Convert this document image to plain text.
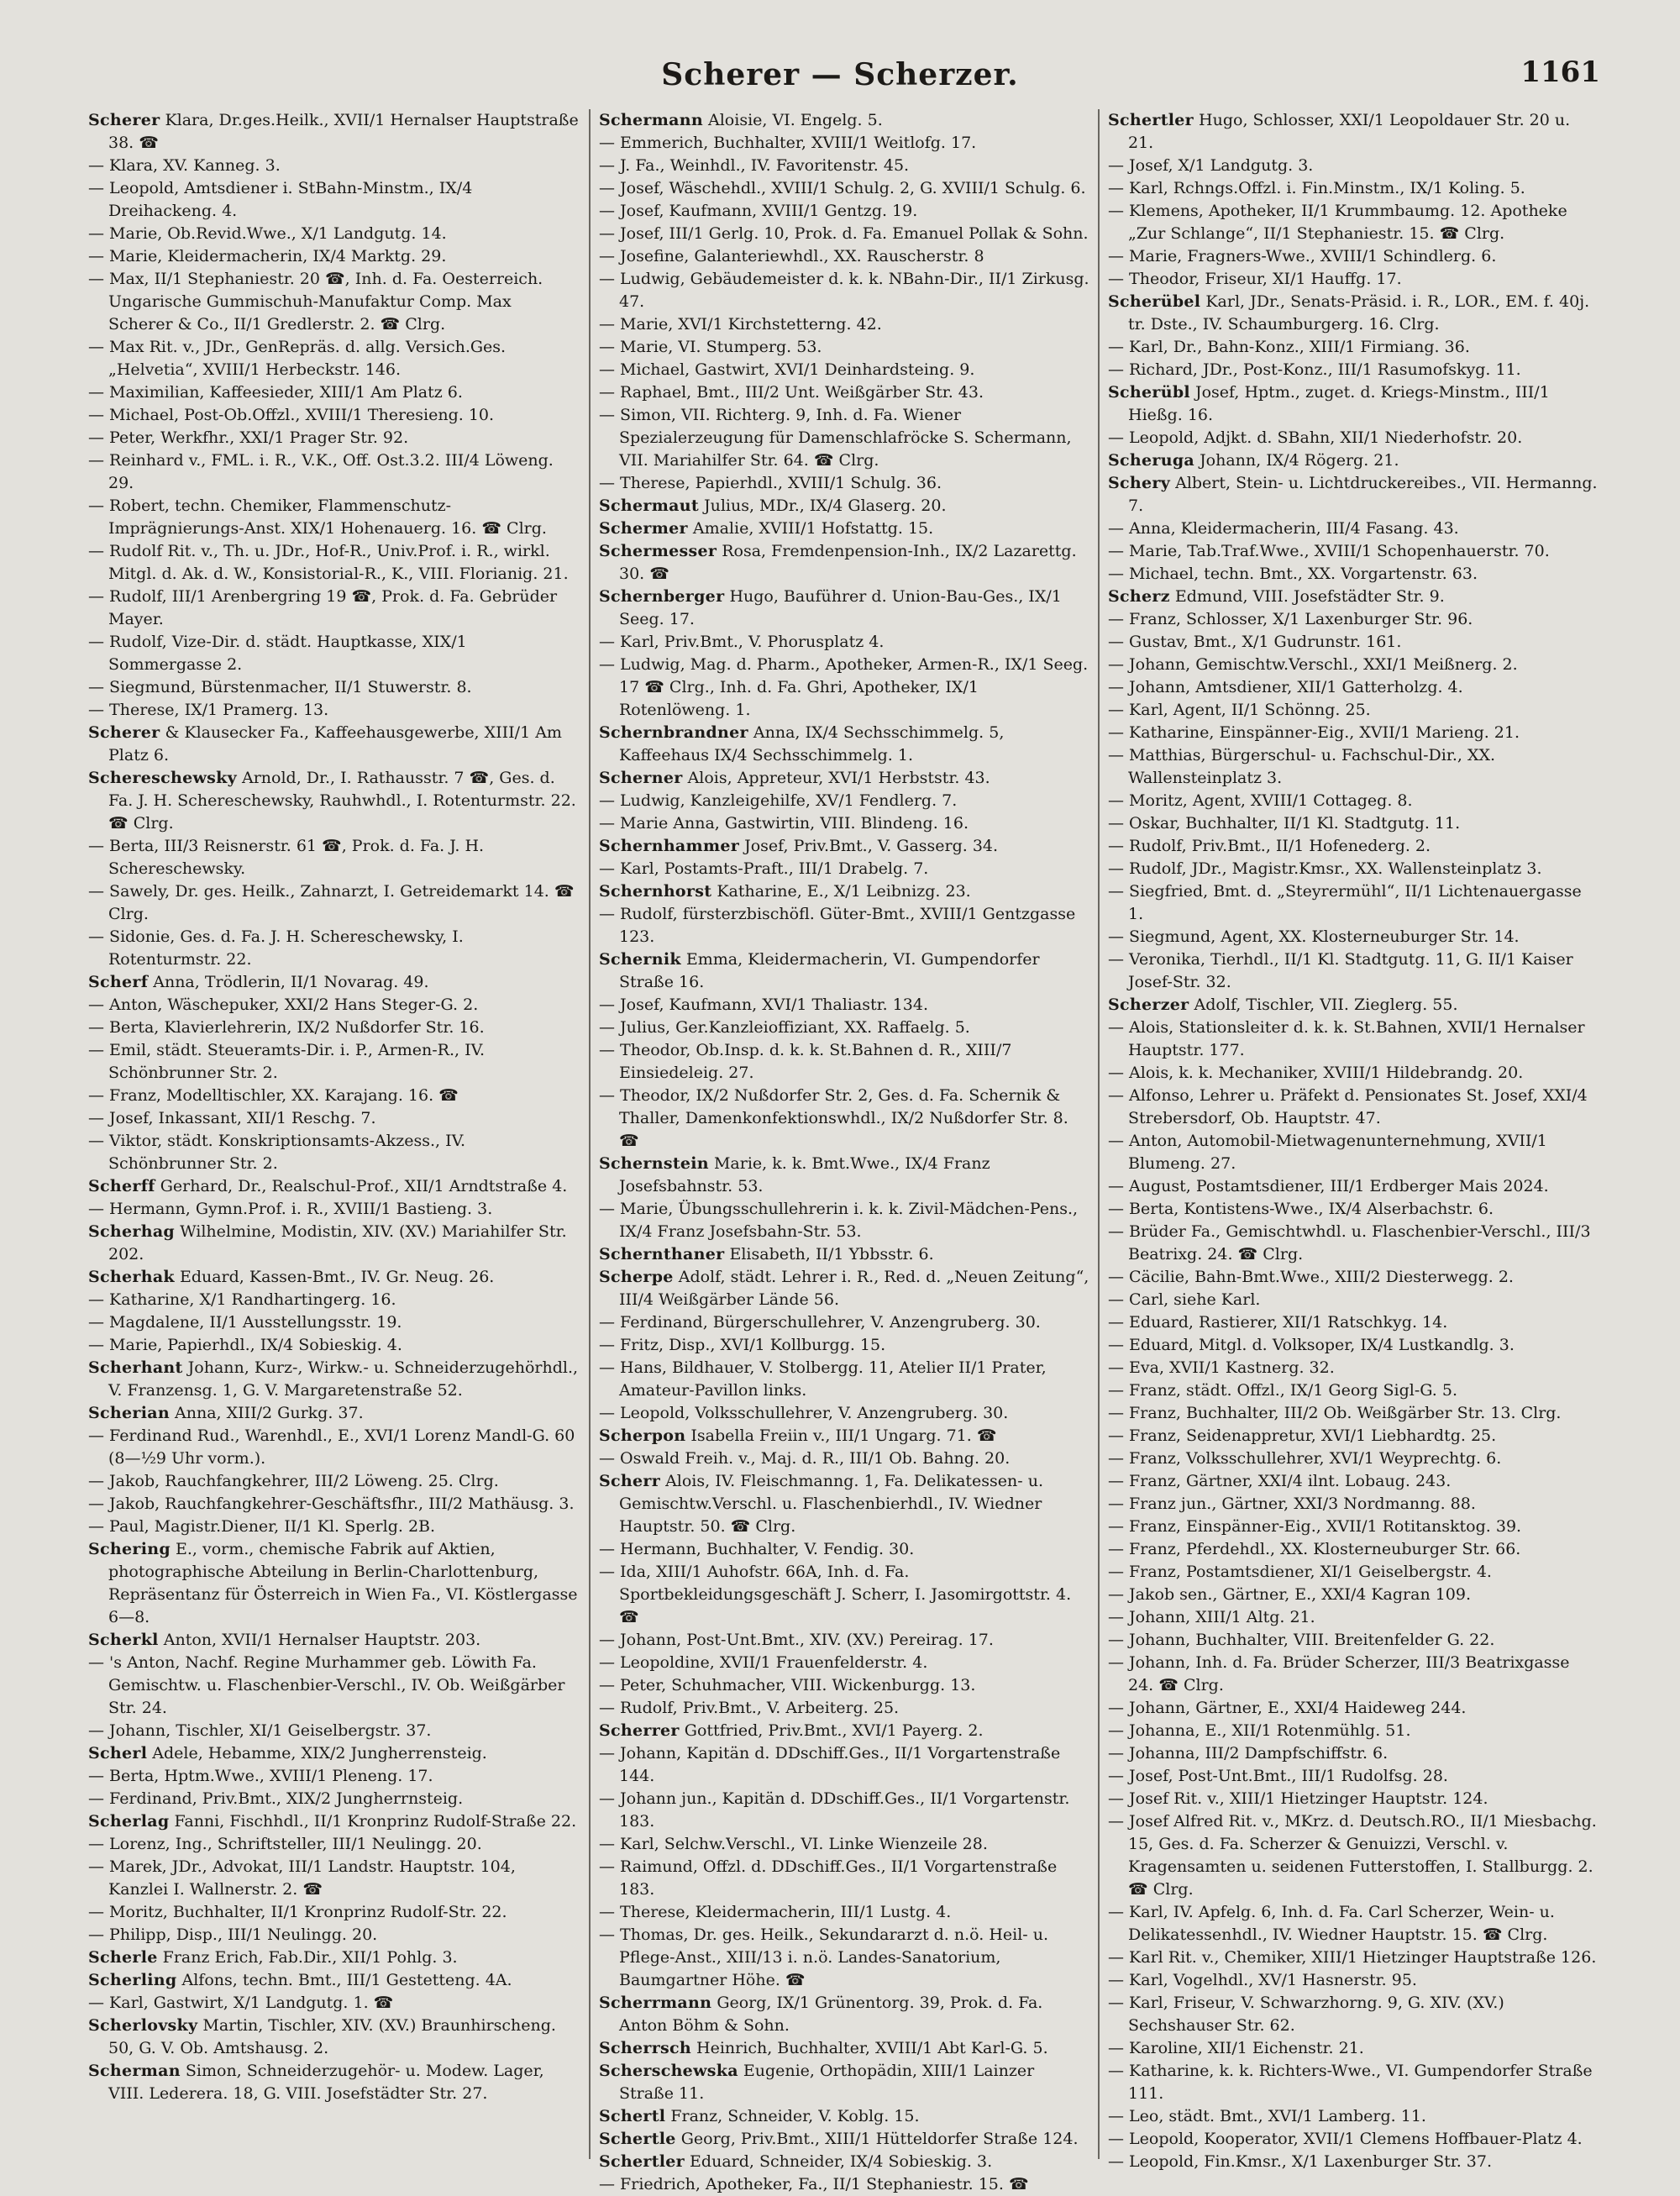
Scherer — Scherzer.	1161

Scherer Klara, Dr.ges.Heilk., XVII/1 Hernalser Hauptstraße 38. ☎

— Klara, XV. Kanneg. 3.

— Leopold, Amtsdiener i. StBahn-Minstm., IX/4 Dreihackeng. 4.

— Marie, Ob.Revid.Wwe., X/1 Landgutg. 14.

— Marie, Kleidermacherin, IX/4 Marktg. 29.

— Max, II/1 Stephaniestr. 20 ☎, Inh. d. Fa. Oesterreich. Ungarische Gummischuh-Manufaktur Comp. Max Scherer & Co., II/1 Gredlerstr. 2. ☎ Clrg.

— Max Rit. v., JDr., GenRepräs. d. allg. Versich.Ges. „Helvetia“, XVIII/1 Herbeckstr. 146.

— Maximilian, Kaffeesieder, XIII/1 Am Platz 6.

— Michael, Post-Ob.Offzl., XVIII/1 Theresieng. 10.

— Peter, Werkfhr., XXI/1 Prager Str. 92.

— Reinhard v., FML. i. R., V.K., Off. Ost.3.2. III/4 Löweng. 29.

— Robert, techn. Chemiker, Flammenschutz-Imprägnierungs-Anst. XIX/1 Hohenauerg. 16. ☎ Clrg.

— Rudolf Rit. v., Th. u. JDr., Hof-R., Univ.Prof. i. R., wirkl. Mitgl. d. Ak. d. W., Konsistorial-R., K., VIII. Florianig. 21.

— Rudolf, III/1 Arenbergring 19 ☎, Prok. d. Fa. Gebrüder Mayer.

— Rudolf, Vize-Dir. d. städt. Hauptkasse, XIX/1 Sommergasse 2.

— Siegmund, Bürstenmacher, II/1 Stuwerstr. 8.

— Therese, IX/1 Pramerg. 13.

Scherer & Klausecker Fa., Kaffeehausgewerbe, XIII/1 Am Platz 6.

Schereschewsky Arnold, Dr., I. Rathausstr. 7 ☎, Ges. d. Fa. J. H. Schereschewsky, Rauhwhdl., I. Rotenturmstr. 22. ☎ Clrg.

— Berta, III/3 Reisnerstr. 61 ☎, Prok. d. Fa. J. H. Schereschewsky.

— Sawely, Dr. ges. Heilk., Zahnarzt, I. Getreidemarkt 14. ☎ Clrg.

— Sidonie, Ges. d. Fa. J. H. Schereschewsky, I. Rotenturmstr. 22.

Scherf Anna, Trödlerin, II/1 Novarag. 49.

— Anton, Wäschepuker, XXI/2 Hans Steger-G. 2.

— Berta, Klavierlehrerin, IX/2 Nußdorfer Str. 16.

— Emil, städt. Steueramts-Dir. i. P., Armen-R., IV. Schönbrunner Str. 2.

— Franz, Modelltischler, XX. Karajang. 16. ☎

— Josef, Inkassant, XII/1 Reschg. 7.

— Viktor, städt. Konskriptionsamts-Akzess., IV. Schönbrunner Str. 2.

Scherff Gerhard, Dr., Realschul-Prof., XII/1 Arndtstraße 4.

— Hermann, Gymn.Prof. i. R., XVIII/1 Bastieng. 3.

Scherhag Wilhelmine, Modistin, XIV. (XV.) Mariahilfer Str. 202.

Scherhak Eduard, Kassen-Bmt., IV. Gr. Neug. 26.

— Katharine, X/1 Randhartingerg. 16.

— Magdalene, II/1 Ausstellungsstr. 19.

— Marie, Papierhdl., IX/4 Sobieskig. 4.

Scherhant Johann, Kurz-, Wirkw.- u. Schneiderzugehörhdl., V. Franzensg. 1, G. V. Margaretenstraße 52.

Scherian Anna, XIII/2 Gurkg. 37.

— Ferdinand Rud., Warenhdl., E., XVI/1 Lorenz Mandl-G. 60 (8—½9 Uhr vorm.).

— Jakob, Rauchfangkehrer, III/2 Löweng. 25. Clrg.

— Jakob, Rauchfangkehrer-Geschäftsfhr., III/2 Mathäusg. 3.

— Paul, Magistr.Diener, II/1 Kl. Sperlg. 2B.

Schering E., vorm., chemische Fabrik auf Aktien, photographische Abteilung in Berlin-Charlottenburg, Repräsentanz für Österreich in Wien Fa., VI. Köstlergasse 6—8.

Scherkl Anton, XVII/1 Hernalser Hauptstr. 203.

— 's Anton, Nachf. Regine Murhammer geb. Löwith Fa. Gemischtw. u. Flaschenbier-Verschl., IV. Ob. Weißgärber Str. 24.

— Johann, Tischler, XI/1 Geiselbergstr. 37.

Scherl Adele, Hebamme, XIX/2 Jungherrensteig.

— Berta, Hptm.Wwe., XVIII/1 Pleneng. 17.

— Ferdinand, Priv.Bmt., XIX/2 Jungherrnsteig.

Scherlag Fanni, Fischhdl., II/1 Kronprinz Rudolf-Straße 22.

— Lorenz, Ing., Schriftsteller, III/1 Neulingg. 20.

— Marek, JDr., Advokat, III/1 Landstr. Hauptstr. 104, Kanzlei I. Wallnerstr. 2. ☎

— Moritz, Buchhalter, II/1 Kronprinz Rudolf-Str. 22.

— Philipp, Disp., III/1 Neulingg. 20.

Scherle Franz Erich, Fab.Dir., XII/1 Pohlg. 3.

Scherling Alfons, techn. Bmt., III/1 Gestetteng. 4A.

— Karl, Gastwirt, X/1 Landgutg. 1. ☎

Scherlovsky Martin, Tischler, XIV. (XV.) Braunhirscheng. 50, G. V. Ob. Amtshausg. 2.

Scherman Simon, Schneiderzugehör- u. Modew. Lager, VIII. Lederera. 18, G. VIII. Josefstädter Str. 27.

Schermann Aloisie, VI. Engelg. 5.

— Emmerich, Buchhalter, XVIII/1 Weitlofg. 17.

— J. Fa., Weinhdl., IV. Favoritenstr. 45.

— Josef, Wäschehdl., XVIII/1 Schulg. 2, G. XVIII/1 Schulg. 6.

— Josef, Kaufmann, XVIII/1 Gentzg. 19.

— Josef, III/1 Gerlg. 10, Prok. d. Fa. Emanuel Pollak & Sohn.

— Josefine, Galanteriewhdl., XX. Rauscherstr. 8

— Ludwig, Gebäudemeister d. k. k. NBahn-Dir., II/1 Zirkusg. 47.

— Marie, XVI/1 Kirchstetterng. 42.

— Marie, VI. Stumperg. 53.

— Michael, Gastwirt, XVI/1 Deinhardsteing. 9.

— Raphael, Bmt., III/2 Unt. Weißgärber Str. 43.

— Simon, VII. Richterg. 9, Inh. d. Fa. Wiener Spezialerzeugung für Damenschlafröcke S. Schermann, VII. Mariahilfer Str. 64. ☎ Clrg.

— Therese, Papierhdl., XVIII/1 Schulg. 36.

Schermaut Julius, MDr., IX/4 Glaserg. 20.

Schermer Amalie, XVIII/1 Hofstattg. 15.

Schermesser Rosa, Fremdenpension-Inh., IX/2 Lazarettg. 30. ☎

Schernberger Hugo, Bauführer d. Union-Bau-Ges., IX/1 Seeg. 17.

— Karl, Priv.Bmt., V. Phorusplatz 4.

— Ludwig, Mag. d. Pharm., Apotheker, Armen-R., IX/1 Seeg. 17 ☎ Clrg., Inh. d. Fa. Ghri, Apotheker, IX/1 Rotenlöweng. 1.

Schernbrandner Anna, IX/4 Sechsschimmelg. 5, Kaffeehaus IX/4 Sechsschimmelg. 1.

Scherner Alois, Appreteur, XVI/1 Herbststr. 43.

— Ludwig, Kanzleigehilfe, XV/1 Fendlerg. 7.

— Marie Anna, Gastwirtin, VIII. Blindeng. 16.

Schernhammer Josef, Priv.Bmt., V. Gasserg. 34.

— Karl, Postamts-Praft., III/1 Drabelg. 7.

Schernhorst Katharine, E., X/1 Leibnizg. 23.

— Rudolf, fürsterzbischöfl. Güter-Bmt., XVIII/1 Gentzgasse 123.

Schernik Emma, Kleidermacherin, VI. Gumpendorfer Straße 16.

— Josef, Kaufmann, XVI/1 Thaliastr. 134.

— Julius, Ger.Kanzleioffiziant, XX. Raffaelg. 5.

— Theodor, Ob.Insp. d. k. k. St.Bahnen d. R., XIII/7 Einsiedeleig. 27.

— Theodor, IX/2 Nußdorfer Str. 2, Ges. d. Fa. Schernik & Thaller, Damenkonfektionswhdl., IX/2 Nußdorfer Str. 8. ☎

Schernstein Marie, k. k. Bmt.Wwe., IX/4 Franz Josefsbahnstr. 53.

— Marie, Übungsschullehrerin i. k. k. Zivil-Mädchen-Pens., IX/4 Franz Josefsbahn-Str. 53.

Schernthaner Elisabeth, II/1 Ybbsstr. 6.

Scherpe Adolf, städt. Lehrer i. R., Red. d. „Neuen Zeitung“, III/4 Weißgärber Lände 56.

— Ferdinand, Bürgerschullehrer, V. Anzengruberg. 30.

— Fritz, Disp., XVI/1 Kollburgg. 15.

— Hans, Bildhauer, V. Stolbergg. 11, Atelier II/1 Prater, Amateur-Pavillon links.

— Leopold, Volksschullehrer, V. Anzengruberg. 30.

Scherpon Isabella Freiin v., III/1 Ungarg. 71. ☎

— Oswald Freih. v., Maj. d. R., III/1 Ob. Bahng. 20.

Scherr Alois, IV. Fleischmanng. 1, Fa. Delikatessen- u. Gemischtw.Verschl. u. Flaschenbierhdl., IV. Wiedner Hauptstr. 50. ☎ Clrg.

— Hermann, Buchhalter, V. Fendig. 30.

— Ida, XIII/1 Auhofstr. 66A, Inh. d. Fa. Sportbekleidungsgeschäft J. Scherr, I. Jasomirgottstr. 4. ☎

— Johann, Post-Unt.Bmt., XIV. (XV.) Pereirag. 17.

— Leopoldine, XVII/1 Frauenfelderstr. 4.

— Peter, Schuhmacher, VIII. Wickenburgg. 13.

— Rudolf, Priv.Bmt., V. Arbeiterg. 25.

Scherrer Gottfried, Priv.Bmt., XVI/1 Payerg. 2.

— Johann, Kapitän d. DDschiff.Ges., II/1 Vorgartenstraße 144.

— Johann jun., Kapitän d. DDschiff.Ges., II/1 Vorgartenstr. 183.

— Karl, Selchw.Verschl., VI. Linke Wienzeile 28.

— Raimund, Offzl. d. DDschiff.Ges., II/1 Vorgartenstraße 183.

— Therese, Kleidermacherin, III/1 Lustg. 4.

— Thomas, Dr. ges. Heilk., Sekundararzt d. n.ö. Heil- u. Pflege-Anst., XIII/13 i. n.ö. Landes-Sanatorium, Baumgartner Höhe. ☎

Scherrmann Georg, IX/1 Grünentorg. 39, Prok. d. Fa. Anton Böhm & Sohn.

Scherrsch Heinrich, Buchhalter, XVIII/1 Abt Karl-G. 5.

Scherschewska Eugenie, Orthopädin, XIII/1 Lainzer Straße 11.

Schertl Franz, Schneider, V. Koblg. 15.

Schertle Georg, Priv.Bmt., XIII/1 Hütteldorfer Straße 124.

Schertler Eduard, Schneider, IX/4 Sobieskig. 3.

— Friedrich, Apotheker, Fa., II/1 Stephaniestr. 15. ☎

Schertler Hugo, Schlosser, XXI/1 Leopoldauer Str. 20 u. 21.

— Josef, X/1 Landgutg. 3.

— Karl, Rchngs.Offzl. i. Fin.Minstm., IX/1 Koling. 5.

— Klemens, Apotheker, II/1 Krummbaumg. 12. Apotheke „Zur Schlange“, II/1 Stephaniestr. 15. ☎ Clrg.

— Marie, Fragners-Wwe., XVIII/1 Schindlerg. 6.

— Theodor, Friseur, XI/1 Hauffg. 17.

Scherübel Karl, JDr., Senats-Präsid. i. R., LOR., EM. f. 40j. tr. Dste., IV. Schaumburgerg. 16. Clrg.

— Karl, Dr., Bahn-Konz., XIII/1 Firmiang. 36.

— Richard, JDr., Post-Konz., III/1 Rasumofskyg. 11.

Scherübl Josef, Hptm., zuget. d. Kriegs-Minstm., III/1 Hießg. 16.

— Leopold, Adjkt. d. SBahn, XII/1 Niederhofstr. 20.

Scheruga Johann, IX/4 Rögerg. 21.

Schery Albert, Stein- u. Lichtdruckereibes., VII. Hermanng. 7.

— Anna, Kleidermacherin, III/4 Fasang. 43.

— Marie, Tab.Traf.Wwe., XVIII/1 Schopenhauerstr. 70.

— Michael, techn. Bmt., XX. Vorgartenstr. 63.

Scherz Edmund, VIII. Josefstädter Str. 9.

— Franz, Schlosser, X/1 Laxenburger Str. 96.

— Gustav, Bmt., X/1 Gudrunstr. 161.

— Johann, Gemischtw.Verschl., XXI/1 Meißnerg. 2.

— Johann, Amtsdiener, XII/1 Gatterholzg. 4.

— Karl, Agent, II/1 Schönng. 25.

— Katharine, Einspänner-Eig., XVII/1 Marieng. 21.

— Matthias, Bürgerschul- u. Fachschul-Dir., XX. Wallensteinplatz 3.

— Moritz, Agent, XVIII/1 Cottageg. 8.

— Oskar, Buchhalter, II/1 Kl. Stadtgutg. 11.

— Rudolf, Priv.Bmt., II/1 Hofenederg. 2.

— Rudolf, JDr., Magistr.Kmsr., XX. Wallensteinplatz 3.

— Siegfried, Bmt. d. „Steyrermühl“, II/1 Lichtenauergasse 1.

— Siegmund, Agent, XX. Klosterneuburger Str. 14.

— Veronika, Tierhdl., II/1 Kl. Stadtgutg. 11, G. II/1 Kaiser Josef-Str. 32.

Scherzer Adolf, Tischler, VII. Zieglerg. 55.

— Alois, Stationsleiter d. k. k. St.Bahnen, XVII/1 Hernalser Hauptstr. 177.

— Alois, k. k. Mechaniker, XVIII/1 Hildebrandg. 20.

— Alfonso, Lehrer u. Präfekt d. Pensionates St. Josef, XXI/4 Strebersdorf, Ob. Hauptstr. 47.

— Anton, Automobil-Mietwagenunternehmung, XVII/1 Blumeng. 27.

— August, Postamtsdiener, III/1 Erdberger Mais 2024.

— Berta, Kontistens-Wwe., IX/4 Alserbachstr. 6.

— Brüder Fa., Gemischtwhdl. u. Flaschenbier-Verschl., III/3 Beatrixg. 24. ☎ Clrg.

— Cäcilie, Bahn-Bmt.Wwe., XIII/2 Diesterwegg. 2.

— Carl, siehe Karl.

— Eduard, Rastierer, XII/1 Ratschkyg. 14.

— Eduard, Mitgl. d. Volksoper, IX/4 Lustkandlg. 3.

— Eva, XVII/1 Kastnerg. 32.

— Franz, städt. Offzl., IX/1 Georg Sigl-G. 5.

— Franz, Buchhalter, III/2 Ob. Weißgärber Str. 13. Clrg.

— Franz, Seidenappretur, XVI/1 Liebhardtg. 25.

— Franz, Volksschullehrer, XVI/1 Weyprechtg. 6.

— Franz, Gärtner, XXI/4 ilnt. Lobaug. 243.

— Franz jun., Gärtner, XXI/3 Nordmanng. 88.

— Franz, Einspänner-Eig., XVII/1 Rotitansktog. 39.

— Franz, Pferdehdl., XX. Klosterneuburger Str. 66.

— Franz, Postamtsdiener, XI/1 Geiselbergstr. 4.

— Jakob sen., Gärtner, E., XXI/4 Kagran 109.

— Johann, XIII/1 Altg. 21.

— Johann, Buchhalter, VIII. Breitenfelder G. 22.

— Johann, Inh. d. Fa. Brüder Scherzer, III/3 Beatrixgasse 24. ☎ Clrg.

— Johann, Gärtner, E., XXI/4 Haideweg 244.

— Johanna, E., XII/1 Rotenmühlg. 51.

— Johanna, III/2 Dampfschiffstr. 6.

— Josef, Post-Unt.Bmt., III/1 Rudolfsg. 28.

— Josef Rit. v., XIII/1 Hietzinger Hauptstr. 124.

— Josef Alfred Rit. v., MKrz. d. Deutsch.RO., II/1 Miesbachg. 15, Ges. d. Fa. Scherzer & Genuizzi, Verschl. v. Kragensamten u. seidenen Futterstoffen, I. Stallburgg. 2. ☎ Clrg.

— Karl, IV. Apfelg. 6, Inh. d. Fa. Carl Scherzer, Wein- u. Delikatessenhdl., IV. Wiedner Hauptstr. 15. ☎ Clrg.

— Karl Rit. v., Chemiker, XIII/1 Hietzinger Hauptstraße 126.

— Karl, Vogelhdl., XV/1 Hasnerstr. 95.

— Karl, Friseur, V. Schwarzhorng. 9, G. XIV. (XV.) Sechshauser Str. 62.

— Karoline, XII/1 Eichenstr. 21.

— Katharine, k. k. Richters-Wwe., VI. Gumpendorfer Straße 111.

— Leo, städt. Bmt., XVI/1 Lamberg. 11.

— Leopold, Kooperator, XVII/1 Clemens Hoffbauer-Platz 4.

— Leopold, Fin.Kmsr., X/1 Laxenburger Str. 37.
